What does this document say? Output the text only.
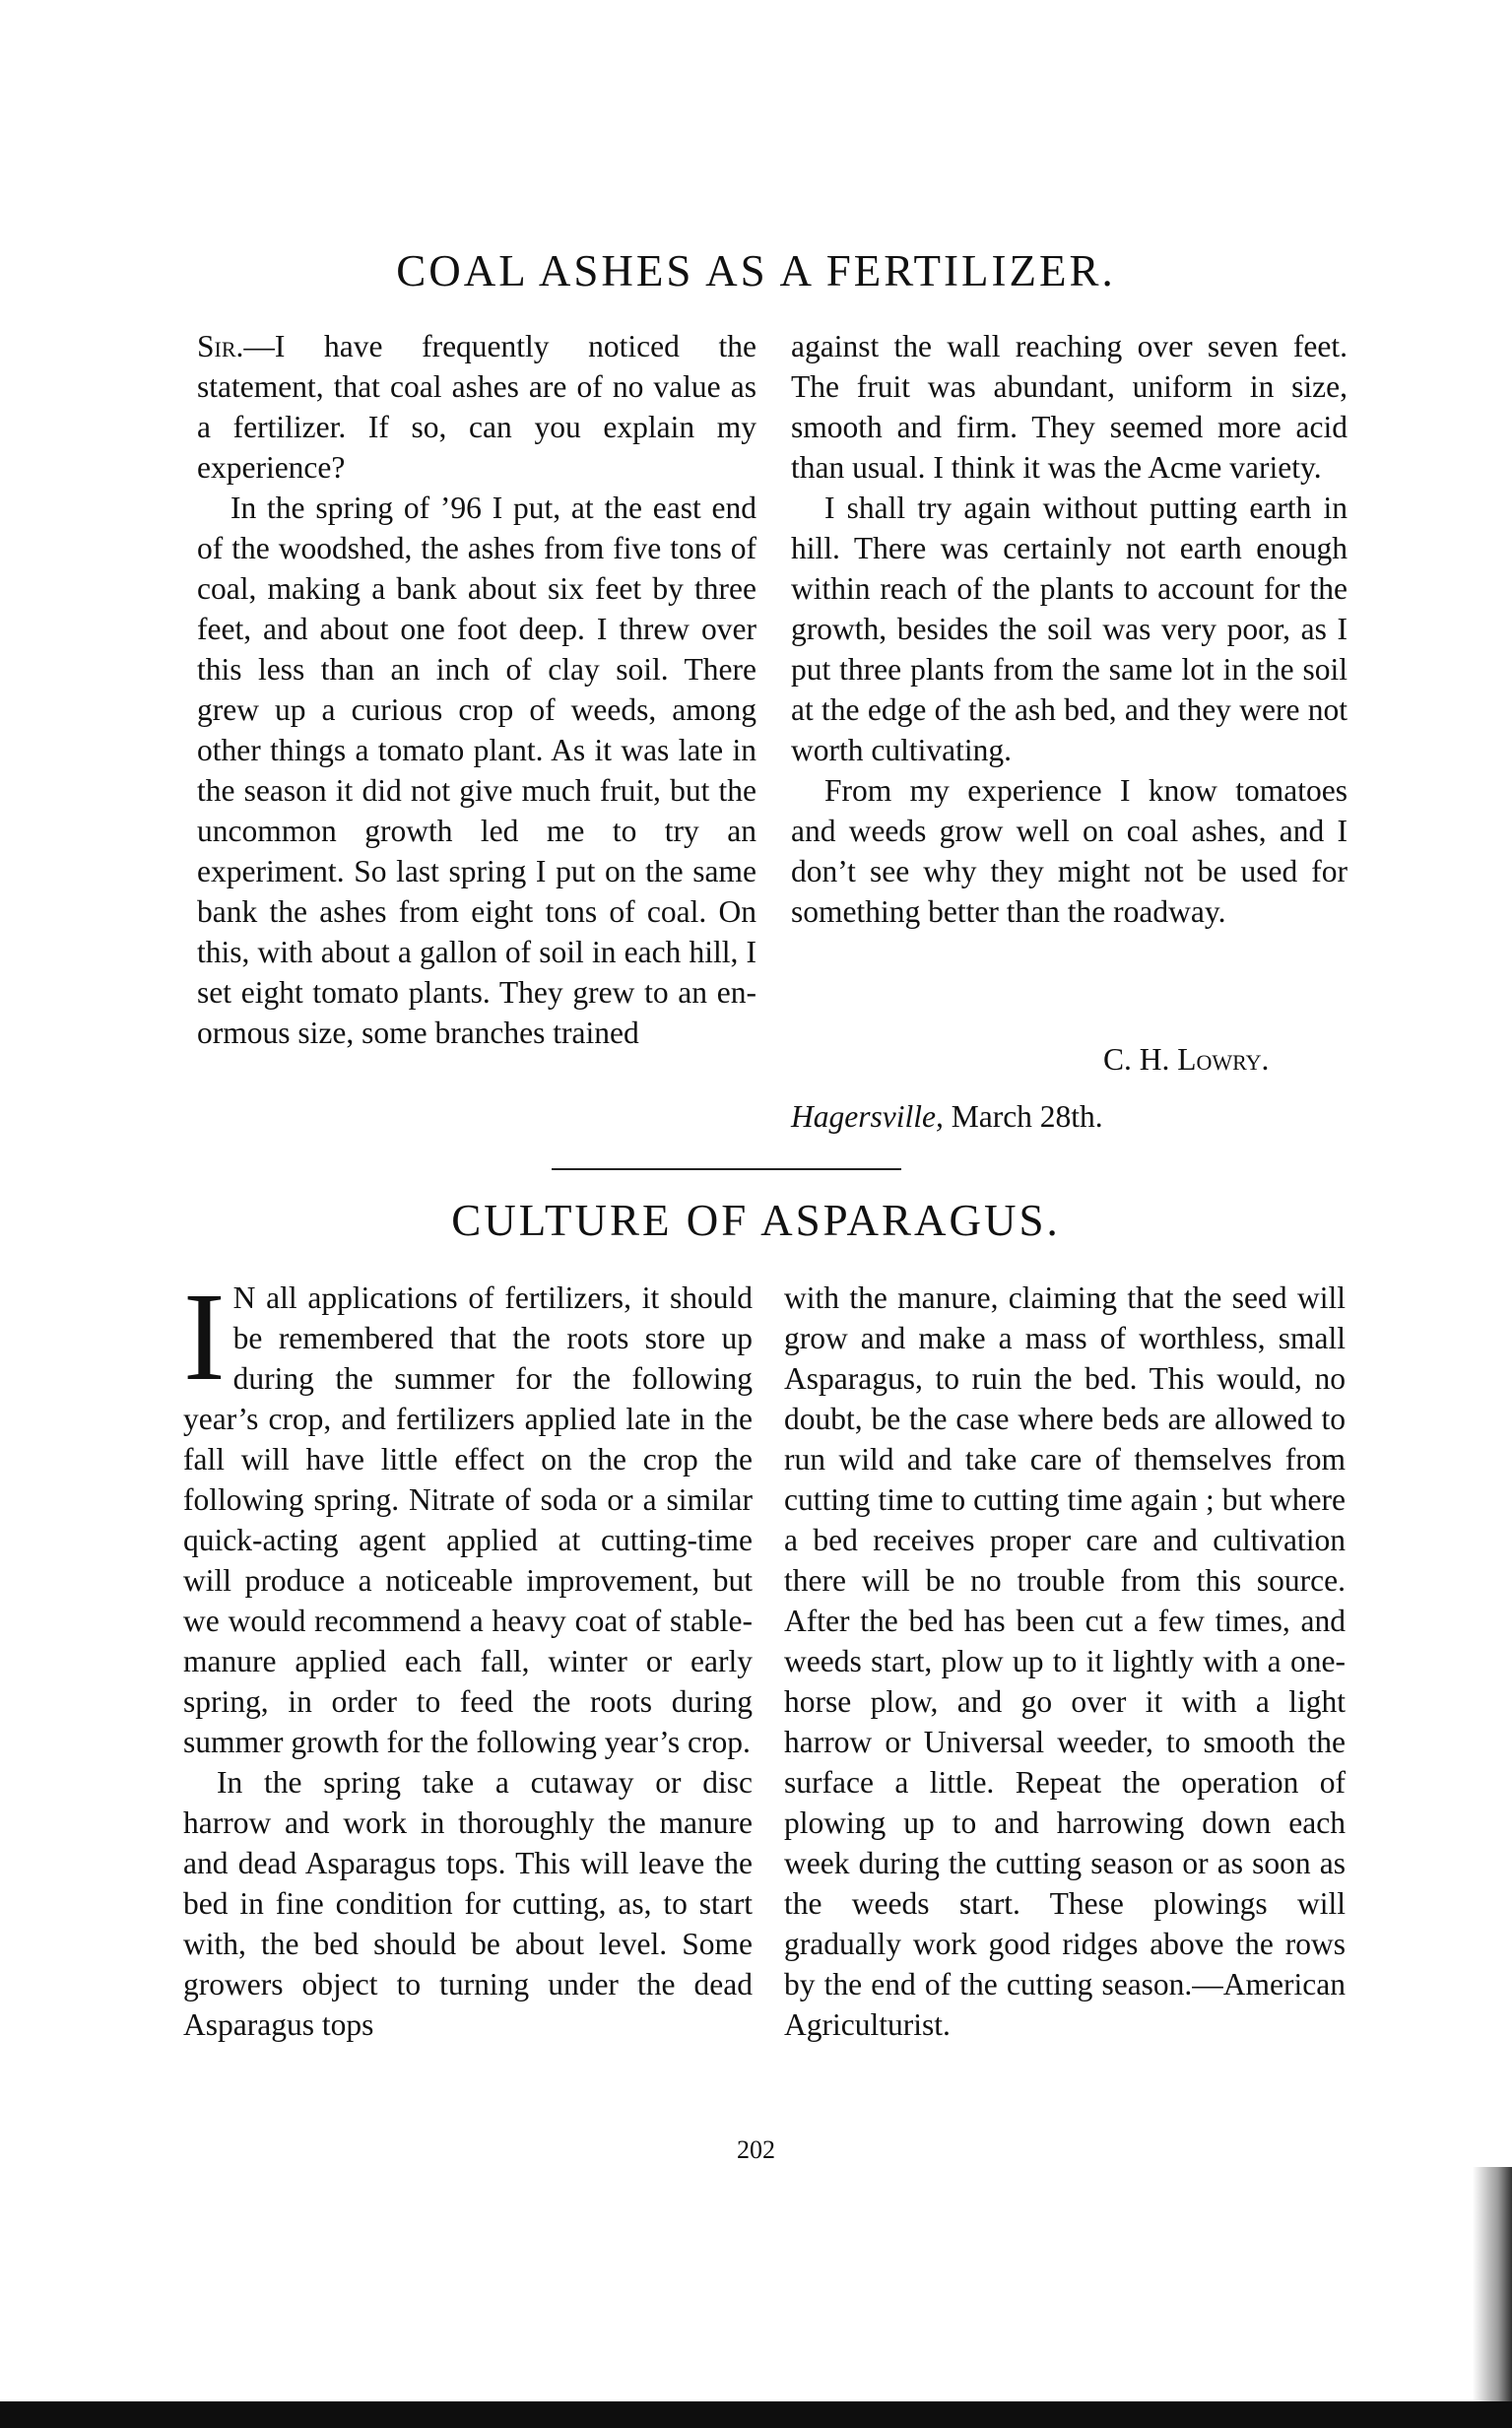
COAL ASHES AS A FERTILIZER.

Sir.—I have frequently noticed the statement, that coal ashes are of no value as a fertilizer. If so, can you explain my experience?

In the spring of ’96 I put, at the east end of the woodshed, the ashes from five tons of coal, making a bank about six feet by three feet, and about one foot deep. I threw over this less than an inch of clay soil. There grew up a curious crop of weeds, among other things a tomato plant. As it was late in the season it did not give much fruit, but the uncommon growth led me to try an experiment. So last spring I put on the same bank the ashes from eight tons of coal. On this, with about a gallon of soil in each hill, I set eight tomato plants. They grew to an enormous size, some branches trained

against the wall reaching over seven feet. The fruit was abundant, uniform in size, smooth and firm. They seemed more acid than usual. I think it was the Acme variety.

I shall try again without putting earth in hill. There was certainly not earth enough within reach of the plants to account for the growth, besides the soil was very poor, as I put three plants from the same lot in the soil at the edge of the ash bed, and they were not worth cultivating.

From my experience I know tomatoes and weeds grow well on coal ashes, and I don’t see why they might not be used for something better than the roadway.

C. H. Lowry.
Hagersville, March 28th.
CULTURE OF ASPARAGUS.

I N all applications of fertilizers, it should be remembered that the roots store up during the summer for the following year’s crop, and fertilizers applied late in the fall will have little effect on the crop the following spring. Nitrate of soda or a similar quick-acting agent applied at cutting-time will produce a noticeable improvement, but we would recommend a heavy coat of stable-manure applied each fall, winter or early spring, in order to feed the roots during summer growth for the following year’s crop.

In the spring take a cutaway or disc harrow and work in thoroughly the manure and dead Asparagus tops. This will leave the bed in fine condition for cutting, as, to start with, the bed should be about level. Some growers object to turning under the dead Asparagus tops

with the manure, claiming that the seed will grow and make a mass of worthless, small Asparagus, to ruin the bed. This would, no doubt, be the case where beds are allowed to run wild and take care of themselves from cutting time to cutting time again ; but where a bed receives proper care and cultivation there will be no trouble from this source. After the bed has been cut a few times, and weeds start, plow up to it lightly with a one-horse plow, and go over it with a light harrow or Universal weeder, to smooth the surface a little. Repeat the operation of plowing up to and harrowing down each week during the cutting season or as soon as the weeds start. These plowings will gradually work good ridges above the rows by the end of the cutting season.—American Agriculturist.

202
